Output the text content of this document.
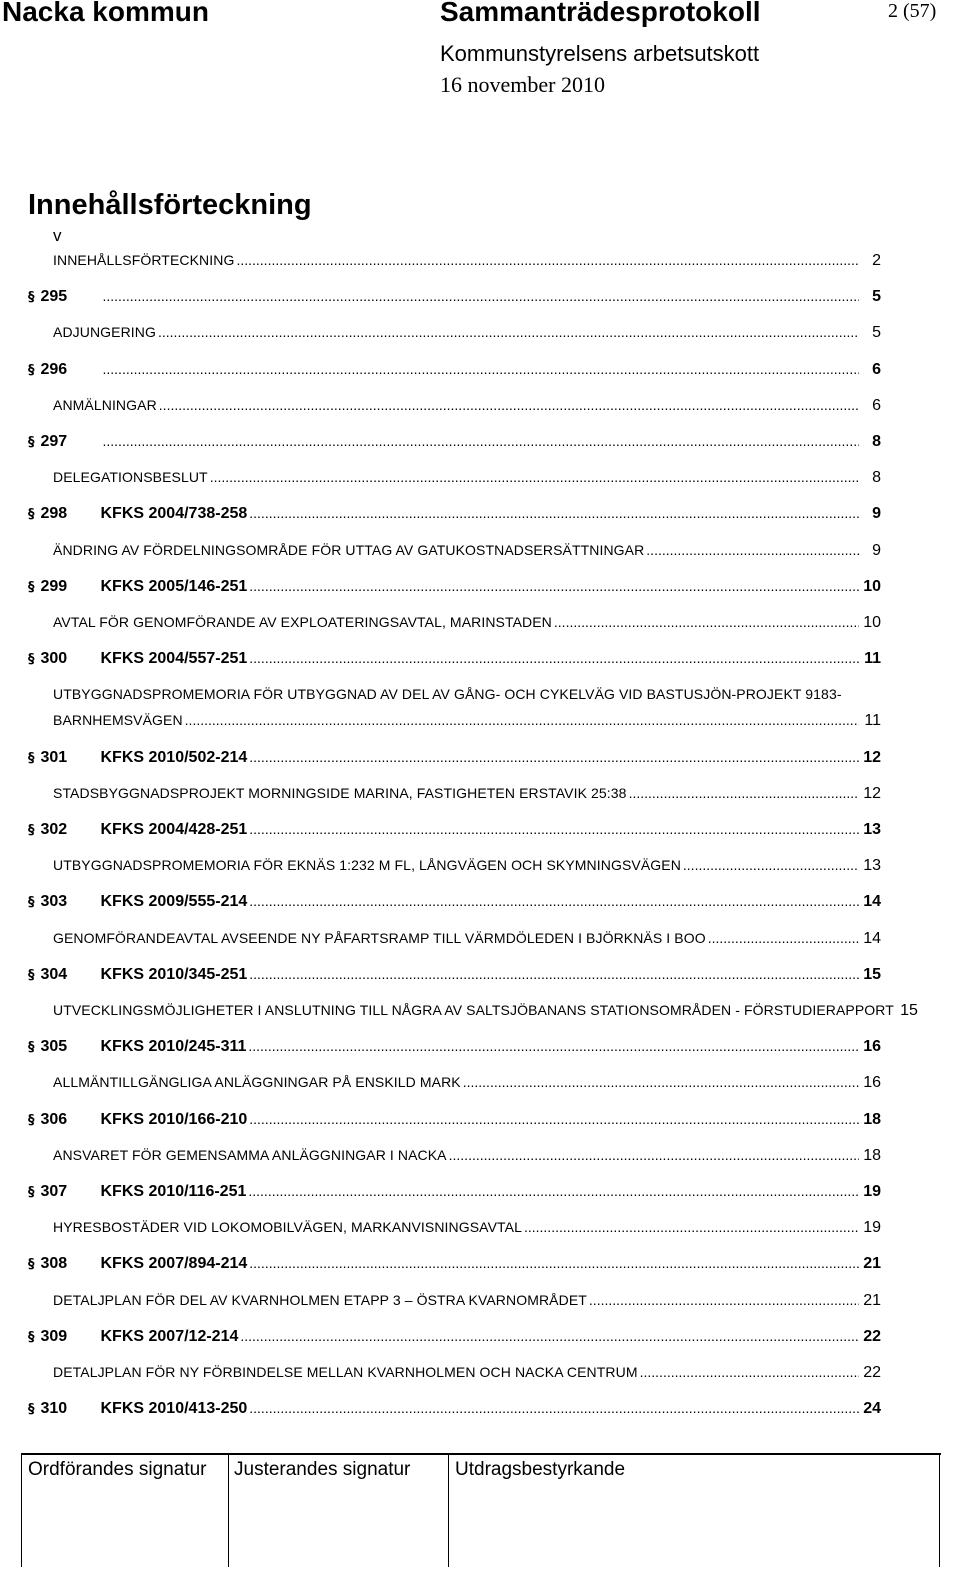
Nacka kommun	Sammanträdesprotokoll	2 (57)
Kommunstyrelsens arbetsutskott
16 november 2010
Innehållsförteckning
v
INNEHÅLLSFÖRTECKNING .....	2
§ 295 .....	5
ADJUNGERING .....	5
§ 296 .....	6
ANMÄLNINGAR .....	6
§ 297 .....	8
DELEGATIONSBESLUT .....	8
§ 298 KFKS 2004/738-258 .....	9
ÄNDRING AV FÖRDELNINGSOMRÅDE FÖR UTTAG AV GATUKOSTNADSERSÄTTNINGAR .....	9
§ 299 KFKS 2005/146-251 .....	10
AVTAL FÖR GENOMFÖRANDE AV EXPLOATERINGSAVTAL, MARINSTADEN .....	10
§ 300 KFKS 2004/557-251 .....	11
UTBYGGNADSPROMEMORIA FÖR UTBYGGNAD AV DEL AV GÅNG- OCH CYKELVÄG VID BASTUSJÖN-PROJEKT 9183-
BARNHEMSVÄGEN .....	11
§ 301 KFKS 2010/502-214 .....	12
STADSBYGGNADSPROJEKT MORNINGSIDE MARINA, FASTIGHETEN ERSTAVIK 25:38 .....	12
§ 302 KFKS 2004/428-251 .....	13
UTBYGGNADSPROMEMORIA FÖR EKNÄS 1:232 M FL, LÅNGVÄGEN OCH SKYMNINGSVÄGEN .....	13
§ 303 KFKS 2009/555-214 .....	14
GENOMFÖRANDEAVTAL AVSEENDE NY PÅFARTSRAMP TILL VÄRMDÖLEDEN I BJÖRKNÄS I BOO .....	14
§ 304 KFKS 2010/345-251 .....	15
UTVECKLINGSMÖJLIGHETER I ANSLUTNING TILL NÅGRA AV SALTSJÖBANANS STATIONSOMRÅDEN - FÖRSTUDIERAPPORT 15
§ 305 KFKS 2010/245-311 .....	16
ALLMÄNTILLGÄNGLIGA ANLÄGGNINGAR PÅ ENSKILD MARK .....	16
§ 306 KFKS 2010/166-210 .....	18
ANSVARET FÖR GEMENSAMMA ANLÄGGNINGAR I NACKA .....	18
§ 307 KFKS 2010/116-251 .....	19
HYRESBOSTÄDER VID LOKOMOBILVÄGEN, MARKANVISNINGSAVTAL .....	19
§ 308 KFKS 2007/894-214 .....	21
DETALJPLAN FÖR DEL AV KVARNHOLMEN ETAPP 3 – ÖSTRA KVARNOMRÅDET .....	21
§ 309 KFKS 2007/12-214 .....	22
DETALJPLAN FÖR NY FÖRBINDELSE MELLAN KVARNHOLMEN OCH NACKA CENTRUM .....	22
§ 310 KFKS 2010/413-250 .....	24
Ordförandes signatur Justerandes signatur Utdragsbestyrkande
